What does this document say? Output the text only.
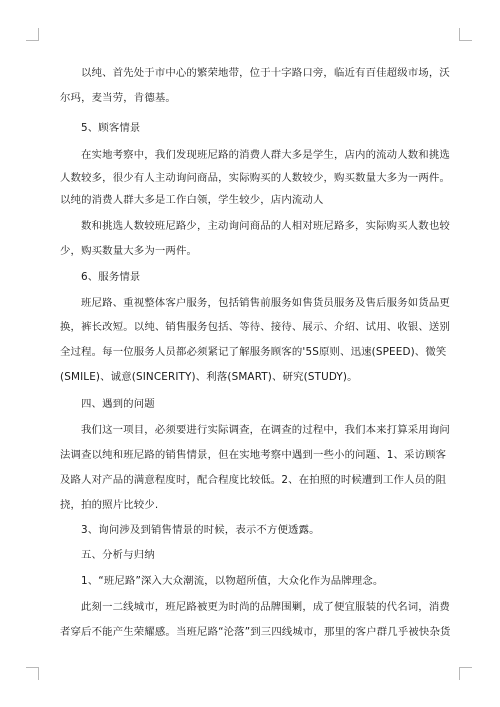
以纯、首先处于市中心的繁荣地带，位于十字路口旁，临近有百佳超级市场，沃
尔玛，麦当劳，肯德基。
5、顾客情景
在实地考察中，我们发现班尼路的消费人群大多是学生，店内的流动人数和挑选
人数较多，很少有人主动询问商品，实际购买的人数较少，购买数量大多为一两件。
以纯的消费人群大多是工作白领，学生较少，店内流动人
数和挑选人数较班尼路少，主动询问商品的人相对班尼路多，实际购买人数也较
少，购买数量大多为一两件。
6、服务情景
班尼路、重视整体客户服务，包括销售前服务如售货员服务及售后服务如货品更
换，裤长改短。以纯、销售服务包括、等待、接待、展示、介绍、试用、收银、送别
全过程。每一位服务人员都必须紧记了解服务顾客的'5S原则、迅速(SPEED)、微笑
(SMILE)、诚意(SINCERITY)、利落(SMART)、研究(STUDY)。
四、遇到的问题
我们这一项目，必须要进行实际调查，在调查的过程中，我们本来打算采用询问
法调查以纯和班尼路的销售情景，但在实地考察中遇到一些小的问题、1、采访顾客
及路人对产品的满意程度时，配合程度比较低。2、在拍照的时候遭到工作人员的阻
挠，拍的照片比较少.
3、询问涉及到销售情景的时候，表示不方便透露。
五、分析与归纳
1、“班尼路”深入大众潮流，以物超所值，大众化作为品牌理念。
此刻一二线城市，班尼路被更为时尚的品牌围剿，成了便宜服装的代名词，消费
者穿后不能产生荣耀感。当班尼路“沦落”到三四线城市，那里的客户群几乎被快杂货
